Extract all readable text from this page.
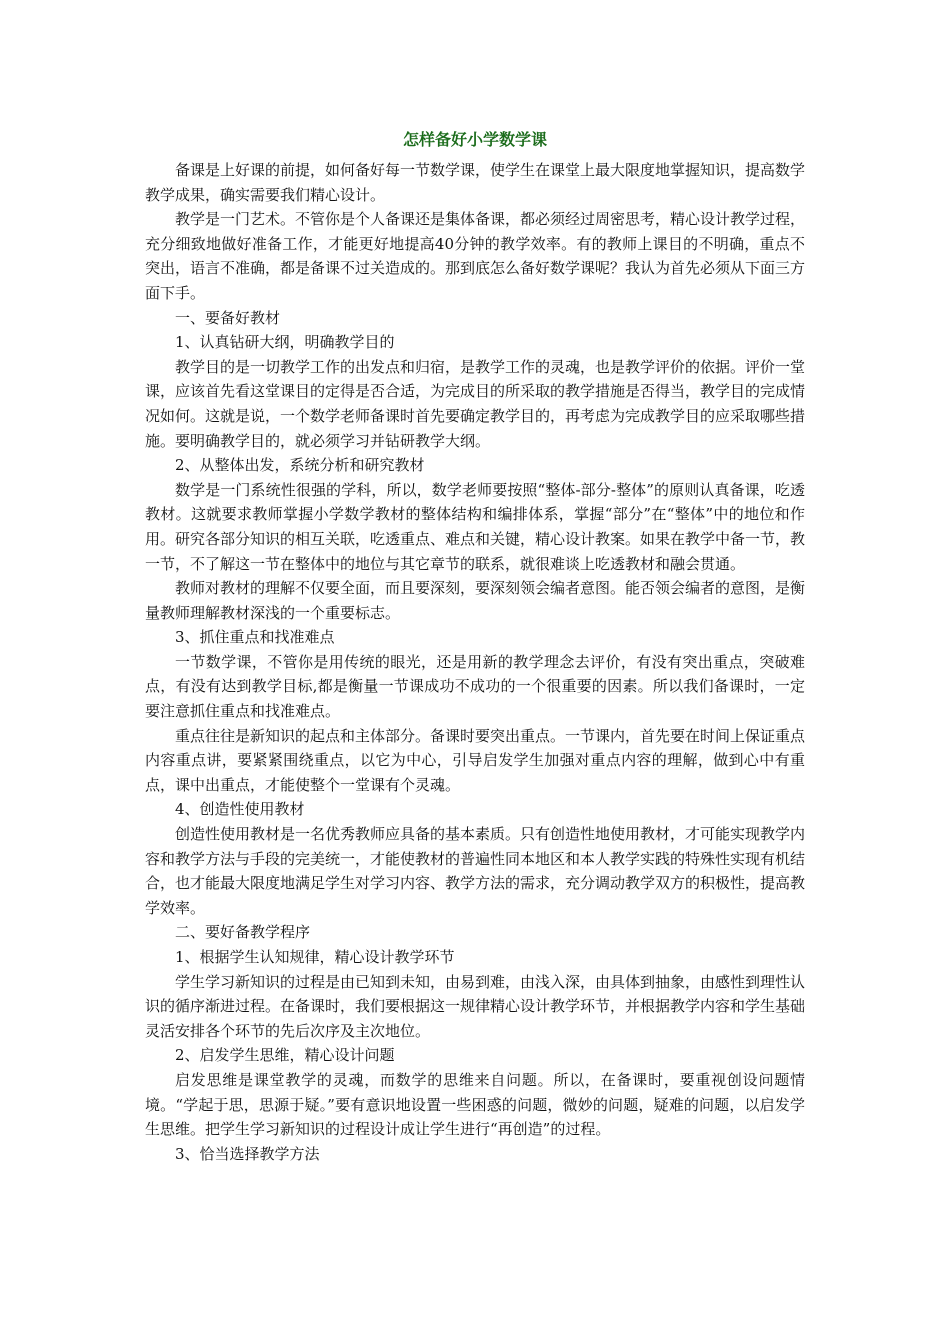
怎样备好小学数学课

备课是上好课的前提，如何备好每一节数学课，使学生在课堂上最大限度地掌握知识，提高数学教学成果，确实需要我们精心设计。

教学是一门艺术。不管你是个人备课还是集体备课，都必须经过周密思考，精心设计教学过程，充分细致地做好准备工作，才能更好地提高40分钟的教学效率。有的教师上课目的不明确，重点不突出，语言不准确，都是备课不过关造成的。那到底怎么备好数学课呢？我认为首先必须从下面三方面下手。

一、要备好教材

1、认真钻研大纲，明确教学目的

教学目的是一切教学工作的出发点和归宿，是教学工作的灵魂，也是教学评价的依据。评价一堂课，应该首先看这堂课目的定得是否合适，为完成目的所采取的教学措施是否得当，教学目的完成情况如何。这就是说，一个数学老师备课时首先要确定教学目的，再考虑为完成教学目的应采取哪些措施。要明确教学目的，就必须学习并钻研教学大纲。

2、从整体出发，系统分析和研究教材

数学是一门系统性很强的学科，所以，数学老师要按照“整体-部分-整体”的原则认真备课，吃透教材。这就要求教师掌握小学数学教材的整体结构和编排体系，掌握“部分”在“整体”中的地位和作用。研究各部分知识的相互关联，吃透重点、难点和关键，精心设计教案。如果在教学中备一节，教一节，不了解这一节在整体中的地位与其它章节的联系，就很难谈上吃透教材和融会贯通。

教师对教材的理解不仅要全面，而且要深刻，要深刻领会编者意图。能否领会编者的意图，是衡量教师理解教材深浅的一个重要标志。

3、抓住重点和找准难点

一节数学课，不管你是用传统的眼光，还是用新的教学理念去评价，有没有突出重点，突破难点，有没有达到教学目标,都是衡量一节课成功不成功的一个很重要的因素。所以我们备课时，一定要注意抓住重点和找准难点。

重点往往是新知识的起点和主体部分。备课时要突出重点。一节课内，首先要在时间上保证重点内容重点讲，要紧紧围绕重点，以它为中心，引导启发学生加强对重点内容的理解，做到心中有重点，课中出重点，才能使整个一堂课有个灵魂。

4、创造性使用教材

创造性使用教材是一名优秀教师应具备的基本素质。只有创造性地使用教材，才可能实现教学内容和教学方法与手段的完美统一，才能使教材的普遍性同本地区和本人教学实践的特殊性实现有机结合，也才能最大限度地满足学生对学习内容、教学方法的需求，充分调动教学双方的积极性，提高教学效率。

二、要好备教学程序

1、根据学生认知规律，精心设计教学环节

学生学习新知识的过程是由已知到未知，由易到难，由浅入深，由具体到抽象，由感性到理性认识的循序渐进过程。在备课时，我们要根据这一规律精心设计教学环节，并根据教学内容和学生基础灵活安排各个环节的先后次序及主次地位。

2、启发学生思维，精心设计问题

启发思维是课堂教学的灵魂，而数学的思维来自问题。所以，在备课时，要重视创设问题情境。“学起于思，思源于疑。”要有意识地设置一些困惑的问题，微妙的问题，疑难的问题，以启发学生思维。把学生学习新知识的过程设计成让学生进行“再创造”的过程。

3、恰当选择教学方法
